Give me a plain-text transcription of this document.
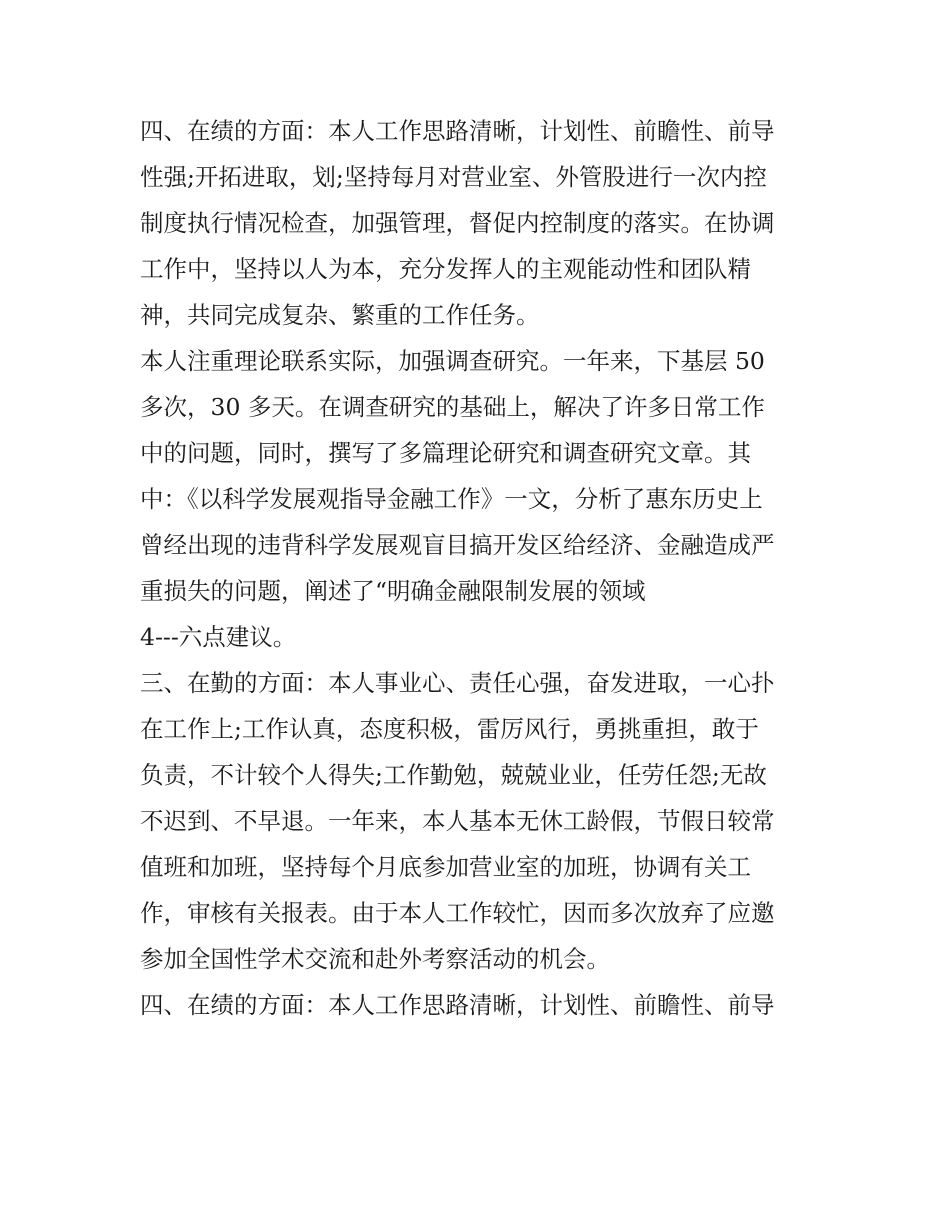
四、在绩的方面：本人工作思路清晰，计划性、前瞻性、前导
性强;开拓进取，划;坚持每月对营业室、外管股进行一次内控
制度执行情况检查，加强管理，督促内控制度的落实。在协调
工作中，坚持以人为本，充分发挥人的主观能动性和团队精
神，共同完成复杂、繁重的工作任务。
本人注重理论联系实际，加强调查研究。一年来，下基层 50
多次，30 多天。在调查研究的基础上，解决了许多日常工作
中的问题，同时，撰写了多篇理论研究和调查研究文章。其
中：《以科学发展观指导金融工作》一文，分析了惠东历史上
曾经出现的违背科学发展观盲目搞开发区给经济、金融造成严
重损失的问题，阐述了“明确金融限制发展的领域
4---六点建议。
三、在勤的方面：本人事业心、责任心强，奋发进取，一心扑
在工作上;工作认真，态度积极，雷厉风行，勇挑重担，敢于
负责，不计较个人得失;工作勤勉，兢兢业业，任劳任怨;无故
不迟到、不早退。一年来，本人基本无休工龄假，节假日较常
值班和加班，坚持每个月底参加营业室的加班，协调有关工
作，审核有关报表。由于本人工作较忙，因而多次放弃了应邀
参加全国性学术交流和赴外考察活动的机会。
四、在绩的方面：本人工作思路清晰，计划性、前瞻性、前导
